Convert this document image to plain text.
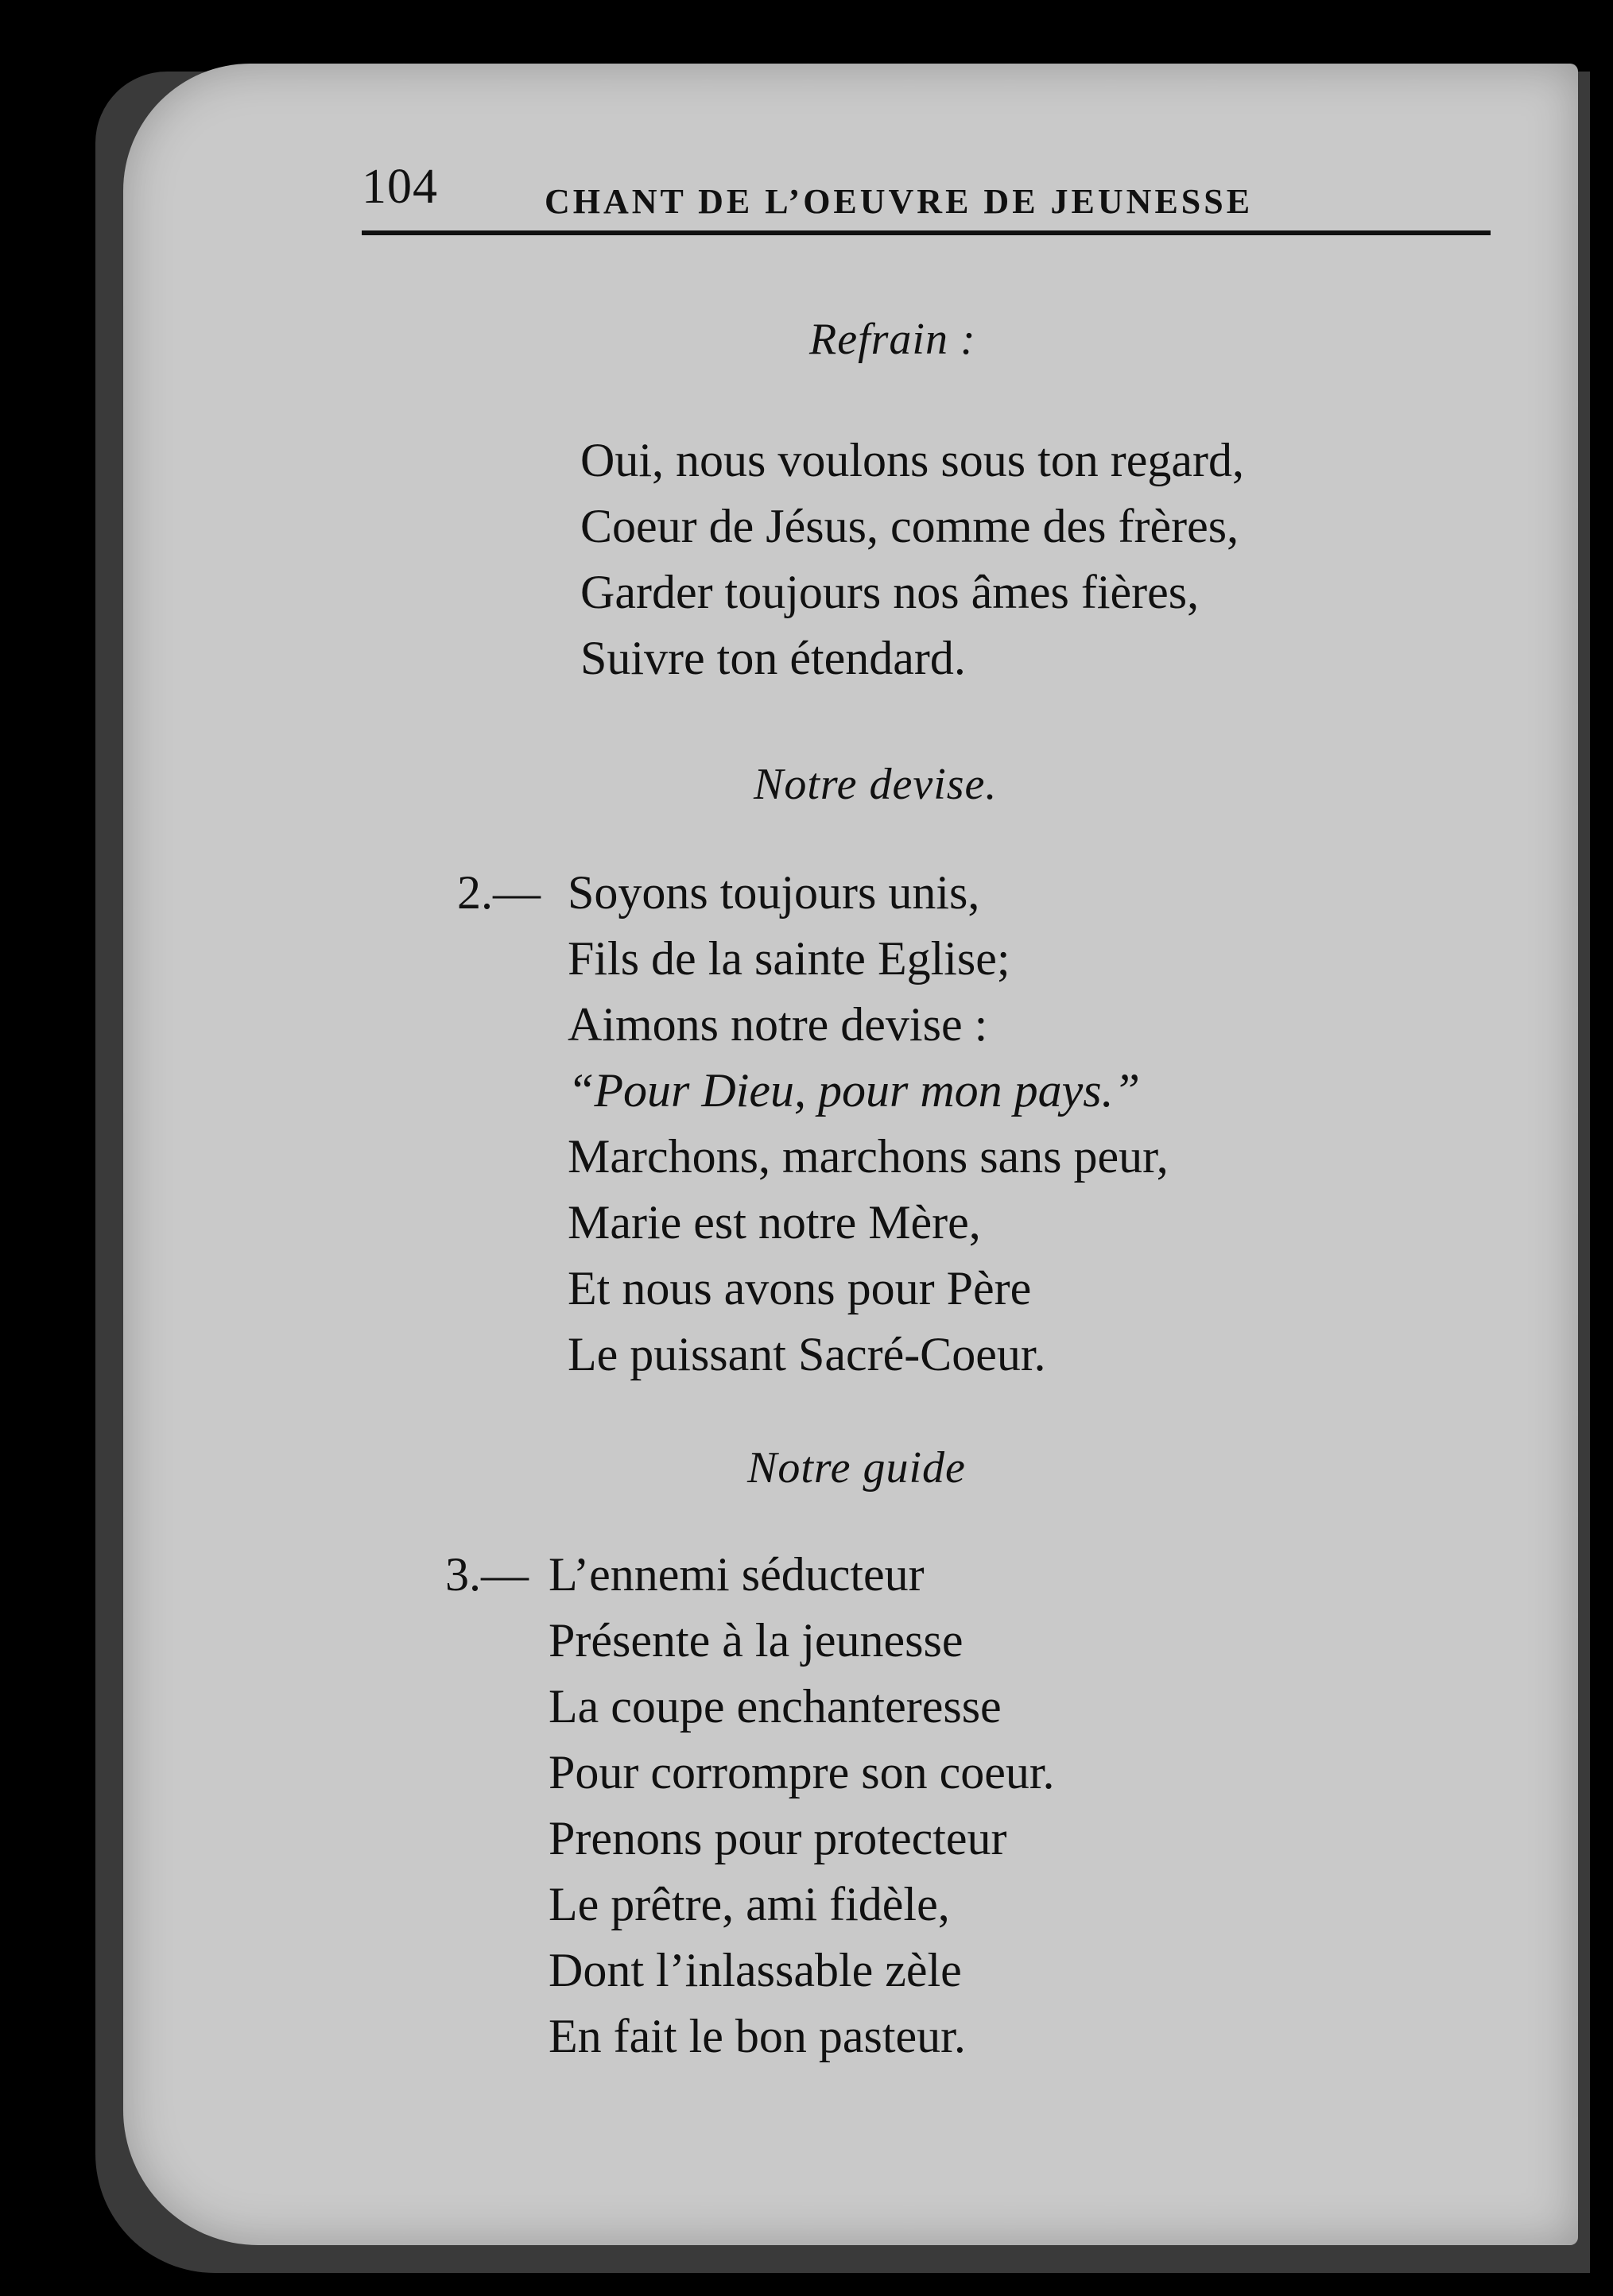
104	CHANT DE L’OEUVRE DE JEUNESSE
Refrain :
Oui, nous voulons sous ton regard,
Coeur de Jésus, comme des frères,
Garder toujours nos âmes fières,
Suivre ton étendard.
Notre devise.
2.— Soyons toujours unis,
Fils de la sainte Eglise;
Aimons notre devise :
“Pour Dieu, pour mon pays.”
Marchons, marchons sans peur,
Marie est notre Mère,
Et nous avons pour Père
Le puissant Sacré-Coeur.
Notre guide
3.— L’ennemi séducteur
Présente à la jeunesse
La coupe enchanteresse
Pour corrompre son coeur.
Prenons pour protecteur
Le prêtre, ami fidèle,
Dont l’inlassable zèle
En fait le bon pasteur.
